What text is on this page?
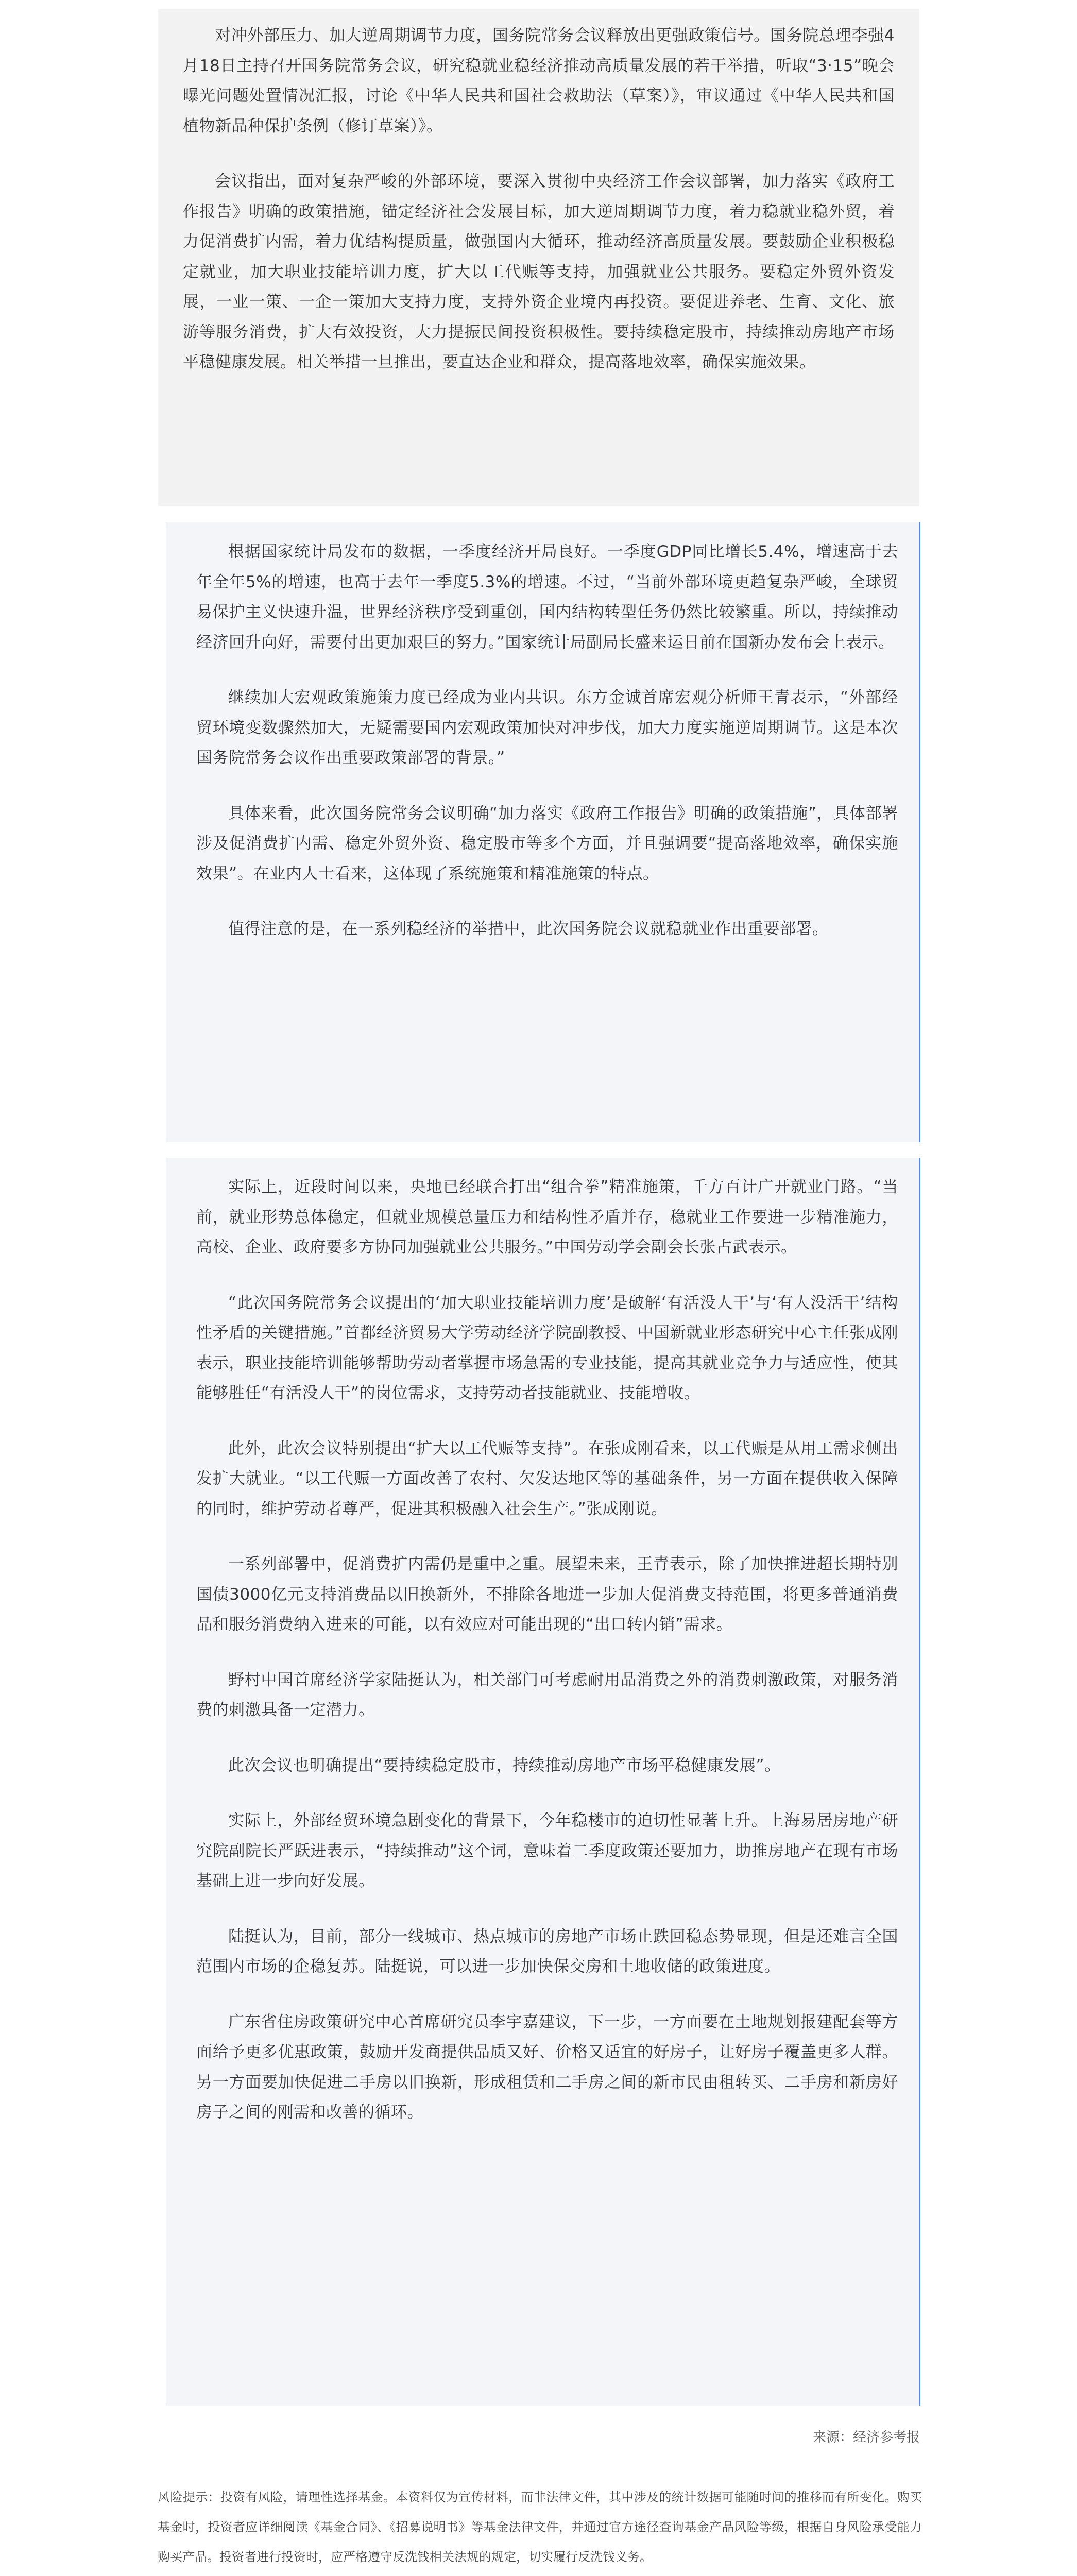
对冲外部压力、加大逆周期调节力度，国务院常务会议释放出更强政策信号。国务院总理李强4月18日主持召开国务院常务会议，研究稳就业稳经济推动高质量发展的若干举措，听取“3·15”晚会曝光问题处置情况汇报，讨论《中华人民共和国社会救助法（草案）》，审议通过《中华人民共和国植物新品种保护条例（修订草案）》。

会议指出，面对复杂严峻的外部环境，要深入贯彻中央经济工作会议部署，加力落实《政府工作报告》明确的政策措施，锚定经济社会发展目标，加大逆周期调节力度，着力稳就业稳外贸，着力促消费扩内需，着力优结构提质量，做强国内大循环，推动经济高质量发展。要鼓励企业积极稳定就业，加大职业技能培训力度，扩大以工代赈等支持，加强就业公共服务。要稳定外贸外资发展，一业一策、一企一策加大支持力度，支持外资企业境内再投资。要促进养老、生育、文化、旅游等服务消费，扩大有效投资，大力提振民间投资积极性。要持续稳定股市，持续推动房地产市场平稳健康发展。相关举措一旦推出，要直达企业和群众，提高落地效率，确保实施效果。

根据国家统计局发布的数据，一季度经济开局良好。一季度GDP同比增长5.4%，增速高于去年全年5%的增速，也高于去年一季度5.3%的增速。不过，“当前外部环境更趋复杂严峻，全球贸易保护主义快速升温，世界经济秩序受到重创，国内结构转型任务仍然比较繁重。所以，持续推动经济回升向好，需要付出更加艰巨的努力。”国家统计局副局长盛来运日前在国新办发布会上表示。

继续加大宏观政策施策力度已经成为业内共识。东方金诚首席宏观分析师王青表示，“外部经贸环境变数骤然加大，无疑需要国内宏观政策加快对冲步伐，加大力度实施逆周期调节。这是本次国务院常务会议作出重要政策部署的背景。”

具体来看，此次国务院常务会议明确“加力落实《政府工作报告》明确的政策措施”，具体部署涉及促消费扩内需、稳定外贸外资、稳定股市等多个方面，并且强调要“提高落地效率，确保实施效果”。在业内人士看来，这体现了系统施策和精准施策的特点。

值得注意的是，在一系列稳经济的举措中，此次国务院会议就稳就业作出重要部署。

实际上，近段时间以来，央地已经联合打出“组合拳”精准施策，千方百计广开就业门路。“当前，就业形势总体稳定，但就业规模总量压力和结构性矛盾并存，稳就业工作要进一步精准施力，高校、企业、政府要多方协同加强就业公共服务。”中国劳动学会副会长张占武表示。

“此次国务院常务会议提出的‘加大职业技能培训力度’是破解‘有活没人干’与‘有人没活干’结构性矛盾的关键措施。”首都经济贸易大学劳动经济学院副教授、中国新就业形态研究中心主任张成刚表示，职业技能培训能够帮助劳动者掌握市场急需的专业技能，提高其就业竞争力与适应性，使其能够胜任“有活没人干”的岗位需求，支持劳动者技能就业、技能增收。

此外，此次会议特别提出“扩大以工代赈等支持”。在张成刚看来，以工代赈是从用工需求侧出发扩大就业。“以工代赈一方面改善了农村、欠发达地区等的基础条件，另一方面在提供收入保障的同时，维护劳动者尊严，促进其积极融入社会生产。”张成刚说。

一系列部署中，促消费扩内需仍是重中之重。展望未来，王青表示，除了加快推进超长期特别国债3000亿元支持消费品以旧换新外，不排除各地进一步加大促消费支持范围，将更多普通消费品和服务消费纳入进来的可能，以有效应对可能出现的“出口转内销”需求。

野村中国首席经济学家陆挺认为，相关部门可考虑耐用品消费之外的消费刺激政策，对服务消费的刺激具备一定潜力。

此次会议也明确提出“要持续稳定股市，持续推动房地产市场平稳健康发展”。

实际上，外部经贸环境急剧变化的背景下，今年稳楼市的迫切性显著上升。上海易居房地产研究院副院长严跃进表示，“持续推动”这个词，意味着二季度政策还要加力，助推房地产在现有市场基础上进一步向好发展。

陆挺认为，目前，部分一线城市、热点城市的房地产市场止跌回稳态势显现，但是还难言全国范围内市场的企稳复苏。陆挺说，可以进一步加快保交房和土地收储的政策进度。

广东省住房政策研究中心首席研究员李宇嘉建议，下一步，一方面要在土地规划报建配套等方面给予更多优惠政策，鼓励开发商提供品质又好、价格又适宜的好房子，让好房子覆盖更多人群。另一方面要加快促进二手房以旧换新，形成租赁和二手房之间的新市民由租转买、二手房和新房好房子之间的刚需和改善的循环。

来源：经济参考报
风险提示：投资有风险，请理性选择基金。本资料仅为宣传材料，而非法律文件，其中涉及的统计数据可能随时间的推移而有所变化。购买基金时，投资者应详细阅读《基金合同》、《招募说明书》等基金法律文件，并通过官方途径查询基金产品风险等级，根据自身风险承受能力购买产品。投资者进行投资时，应严格遵守反洗钱相关法规的规定，切实履行反洗钱义务。
